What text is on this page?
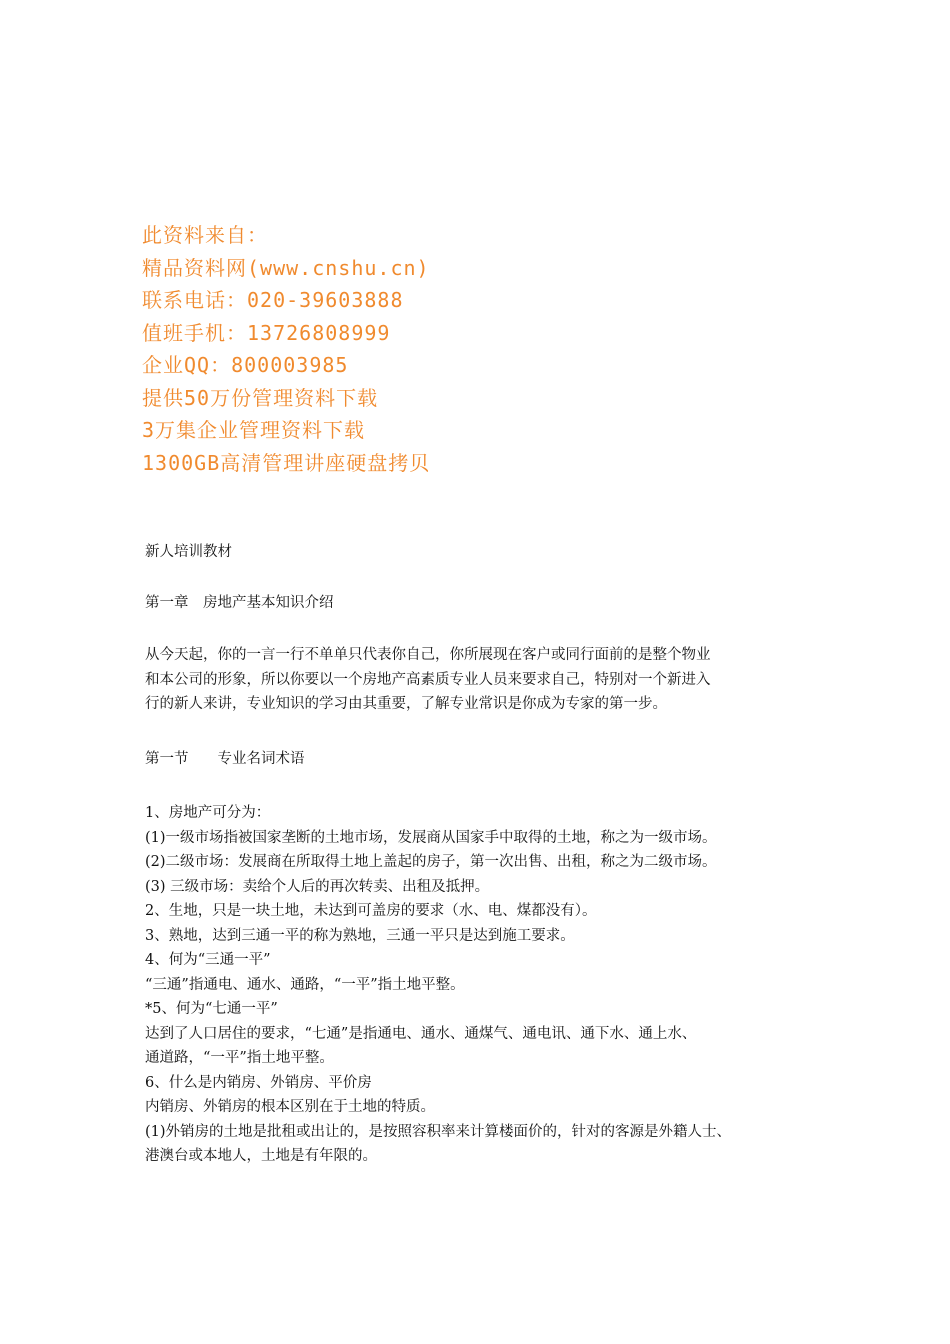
此资料来自：
精品资料网(www.cnshu.cn)
联系电话：020-39603888
值班手机：13726808999
企业QQ：800003985
提供50万份管理资料下载
3万集企业管理资料下载
1300GB高清管理讲座硬盘拷贝

新人培训教材

第一章　房地产基本知识介绍

从今天起，你的一言一行不单单只代表你自己，你所展现在客户或同行面前的是整个物业

和本公司的形象，所以你要以一个房地产高素质专业人员来要求自己，特别对一个新进入

行的新人来讲，专业知识的学习由其重要，了解专业常识是你成为专家的第一步。

第一节　　专业名词术语

1、房地产可分为：

(1)一级市场指被国家垄断的土地市场，发展商从国家手中取得的土地，称之为一级市场。

(2)二级市场：发展商在所取得土地上盖起的房子，第一次出售、出租，称之为二级市场。

(3) 三级市场：卖给个人后的再次转卖、出租及抵押。

2、生地，只是一块土地，未达到可盖房的要求（水、电、煤都没有）。

3、熟地，达到三通一平的称为熟地，三通一平只是达到施工要求。

4、何为“三通一平”

“三通”指通电、通水、通路，“一平”指土地平整。

*5、何为“七通一平”

达到了人口居住的要求，“七通”是指通电、通水、通煤气、通电讯、通下水、通上水、

通道路，“一平”指土地平整。

6、什么是内销房、外销房、平价房

内销房、外销房的根本区别在于土地的特质。

(1)外销房的土地是批租或出让的，是按照容积率来计算楼面价的，针对的客源是外籍人士、

港澳台或本地人，土地是有年限的。
